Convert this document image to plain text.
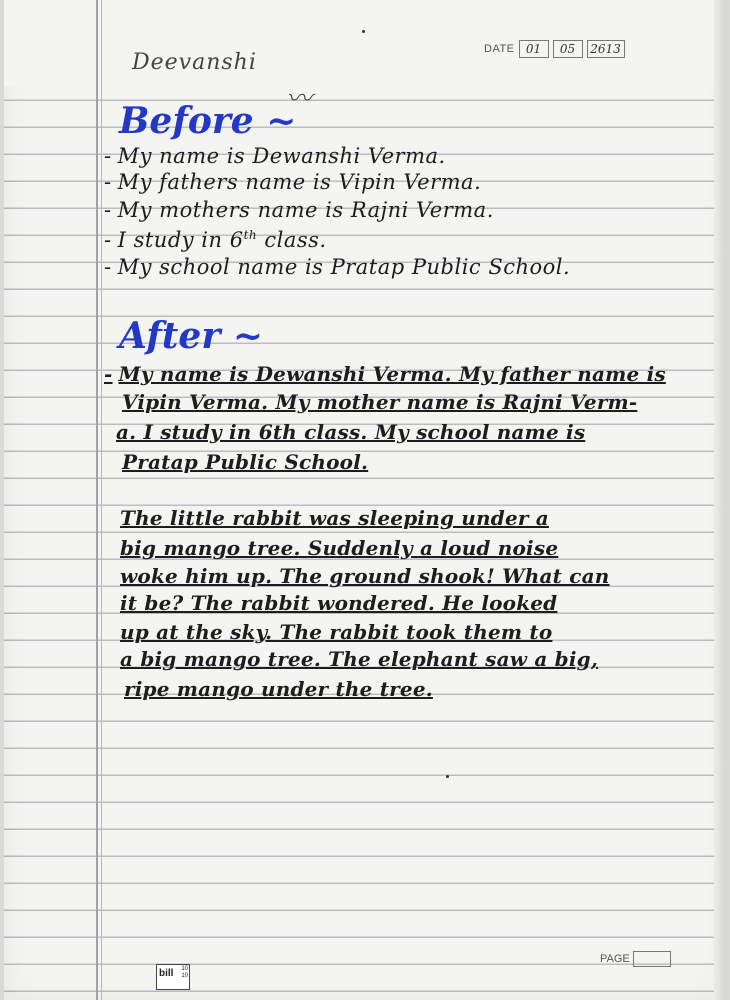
DATE 01	05	2613
Deevanshi
〰
Before ~
- My name is Dewanshi Verma.
- My fathers name is Vipin Verma.
- My mothers name is Rajni Verma.
- I study in 6th class.
- My school name is Pratap Public School.
After ~
- My name is Dewanshi Verma. My father name is
Vipin Verma. My mother name is Rajni Verm-
a. I study in 6th class. My school name is
Pratap Public School.
The little rabbit was sleeping under a
big mango tree. Suddenly a loud noise
woke him up. The ground shook! What can
it be? The rabbit wondered. He looked
up at the sky. The rabbit took them to
a big mango tree. The elephant saw a big,
ripe mango under the tree.
bill 10
10
PAGE
